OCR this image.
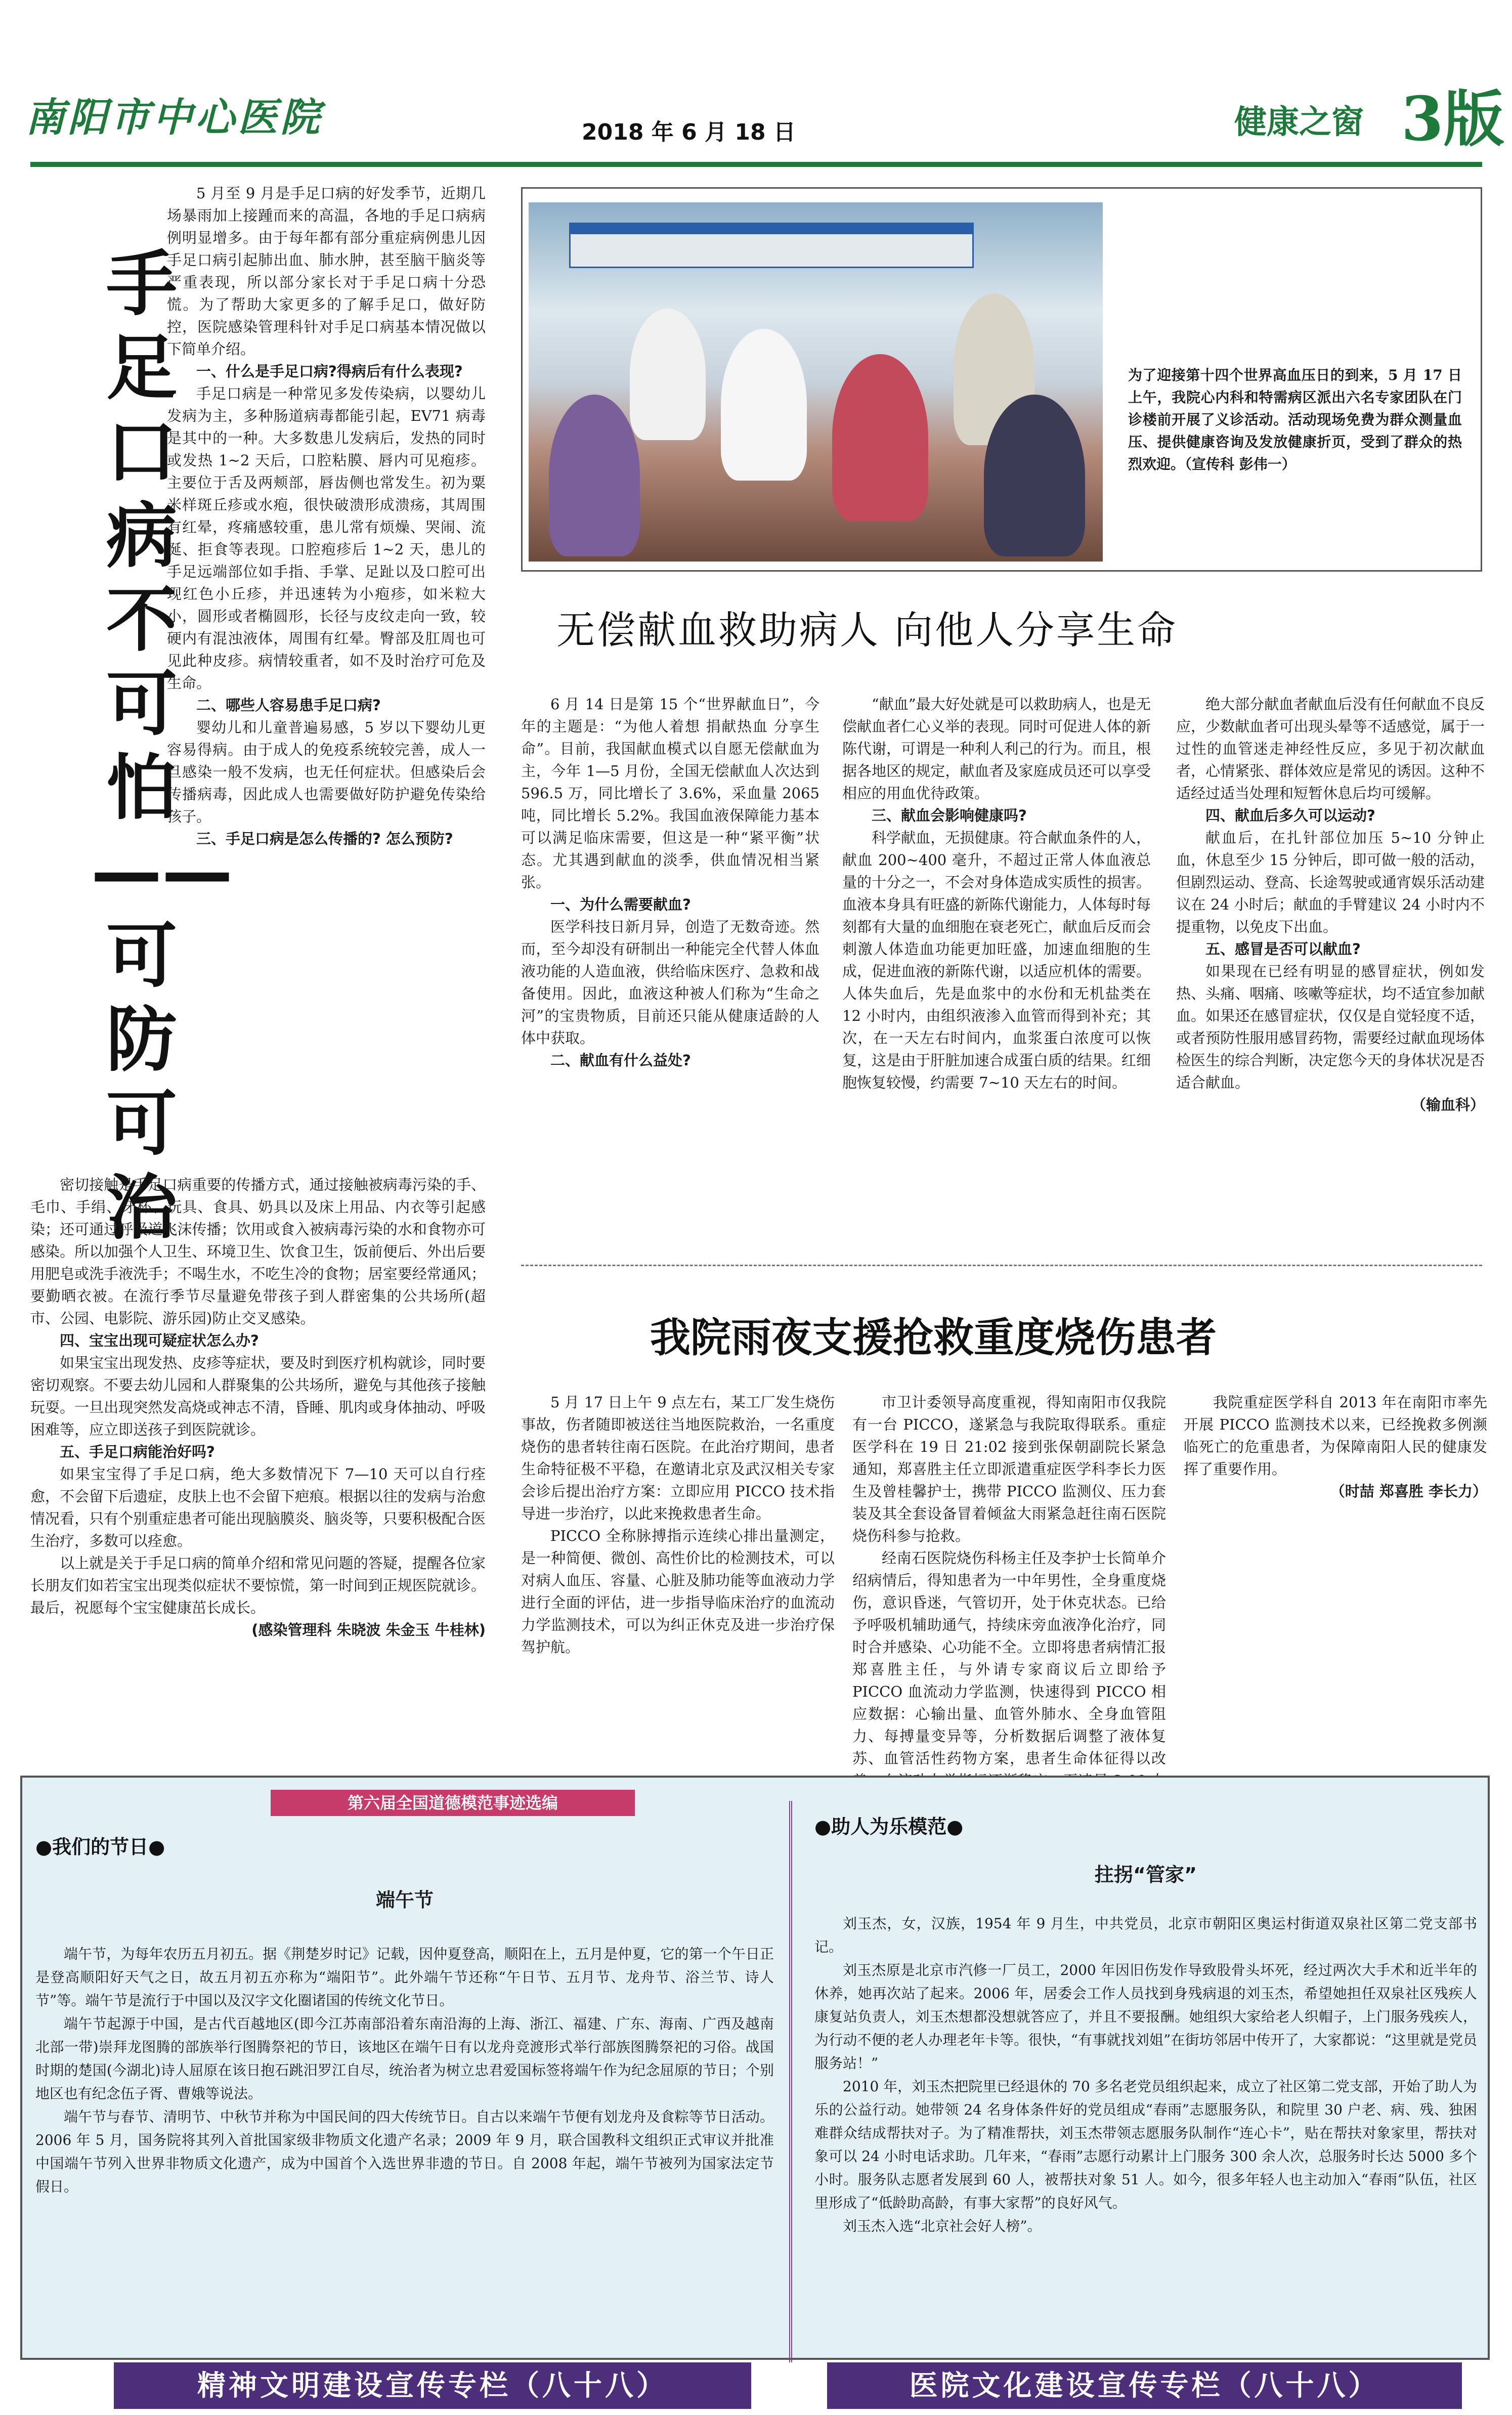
南阳市中心医院	2018 年 6 月 18 日	健康之窗 3版
手足口病不可怕——可防可治

5 月至 9 月是手足口病的好发季节，近期几场暴雨加上接踵而来的高温，各地的手足口病病例明显增多。由于每年都有部分重症病例患儿因手足口病引起肺出血、肺水肿，甚至脑干脑炎等严重表现，所以部分家长对于手足口病十分恐慌。为了帮助大家更多的了解手足口，做好防控，医院感染管理科针对手足口病基本情况做以下简单介绍。

一、什么是手足口病?得病后有什么表现?

手足口病是一种常见多发传染病，以婴幼儿发病为主，多种肠道病毒都能引起，EV71 病毒是其中的一种。大多数患儿发病后，发热的同时或发热 1~2 天后，口腔粘膜、唇内可见疱疹。主要位于舌及两颊部，唇齿侧也常发生。初为粟米样斑丘疹或水疱，很快破溃形成溃疡，其周围有红晕，疼痛感较重，患儿常有烦燥、哭闹、流涎、拒食等表现。口腔疱疹后 1~2 天，患儿的手足远端部位如手指、手掌、足趾以及口腔可出现红色小丘疹，并迅速转为小疱疹，如米粒大小，圆形或者椭圆形，长径与皮纹走向一致，较硬内有混浊液体，周围有红晕。臀部及肛周也可见此种皮疹。病情较重者，如不及时治疗可危及生命。

二、哪些人容易患手足口病?

婴幼儿和儿童普遍易感，5 岁以下婴幼儿更容易得病。由于成人的免疫系统较完善，成人一旦感染一般不发病，也无任何症状。但感染后会传播病毒，因此成人也需要做好防护避免传染给孩子。

三、手足口病是怎么传播的? 怎么预防?

密切接触是手足口病重要的传播方式，通过接触被病毒污染的手、毛巾、手绢、牙杯、玩具、食具、奶具以及床上用品、内衣等引起感染；还可通过呼吸道飞沫传播；饮用或食入被病毒污染的水和食物亦可感染。所以加强个人卫生、环境卫生、饮食卫生，饭前便后、外出后要用肥皂或洗手液洗手；不喝生水，不吃生冷的食物；居室要经常通风；要勤晒衣被。在流行季节尽量避免带孩子到人群密集的公共场所(超市、公园、电影院、游乐园)防止交叉感染。

四、宝宝出现可疑症状怎么办?

如果宝宝出现发热、皮疹等症状，要及时到医疗机构就诊，同时要密切观察。不要去幼儿园和人群聚集的公共场所，避免与其他孩子接触玩耍。一旦出现突然发高烧或神志不清，昏睡、肌肉或身体抽动、呼吸困难等，应立即送孩子到医院就诊。

五、手足口病能治好吗?

如果宝宝得了手足口病，绝大多数情况下 7—10 天可以自行痊愈，不会留下后遗症，皮肤上也不会留下疤痕。根据以往的发病与治愈情况看，只有个别重症患者可能出现脑膜炎、脑炎等，只要积极配合医生治疗，多数可以痊愈。

以上就是关于手足口病的简单介绍和常见问题的答疑，提醒各位家长朋友们如若宝宝出现类似症状不要惊慌，第一时间到正规医院就诊。最后，祝愿每个宝宝健康茁长成长。

(感染管理科 朱晓波 朱金玉 牛桂林)
为了迎接第十四个世界高血压日的到来，5 月 17 日上午，我院心内科和特需病区派出六名专家团队在门诊楼前开展了义诊活动。活动现场免费为群众测量血压、提供健康咨询及发放健康折页，受到了群众的热烈欢迎。（宣传科 彭伟一）
无偿献血救助病人 向他人分享生命

6 月 14 日是第 15 个“世界献血日”，今年的主题是：“为他人着想 捐献热血 分享生命”。目前，我国献血模式以自愿无偿献血为主，今年 1—5 月份，全国无偿献血人次达到 596.5 万，同比增长了 3.6%，采血量 2065 吨，同比增长 5.2%。我国血液保障能力基本可以满足临床需要，但这是一种“紧平衡”状态。尤其遇到献血的淡季，供血情况相当紧张。

一、为什么需要献血?

医学科技日新月异，创造了无数奇迹。然而，至今却没有研制出一种能完全代替人体血液功能的人造血液，供给临床医疗、急救和战备使用。因此，血液这种被人们称为“生命之河”的宝贵物质，目前还只能从健康适龄的人体中获取。

二、献血有什么益处?

“献血”最大好处就是可以救助病人，也是无偿献血者仁心义举的表现。同时可促进人体的新陈代谢，可谓是一种利人利己的行为。而且，根据各地区的规定，献血者及家庭成员还可以享受相应的用血优待政策。

三、献血会影响健康吗?

科学献血，无损健康。符合献血条件的人，献血 200~400 毫升，不超过正常人体血液总量的十分之一，不会对身体造成实质性的损害。血液本身具有旺盛的新陈代谢能力，人体每时每刻都有大量的血细胞在衰老死亡，献血后反而会刺激人体造血功能更加旺盛，加速血细胞的生成，促进血液的新陈代谢，以适应机体的需要。人体失血后，先是血浆中的水份和无机盐类在 12 小时内，由组织液渗入血管而得到补充；其次，在一天左右时间内，血浆蛋白浓度可以恢复，这是由于肝脏加速合成蛋白质的结果。红细胞恢复较慢，约需要 7~10 天左右的时间。

绝大部分献血者献血后没有任何献血不良反应，少数献血者可出现头晕等不适感觉，属于一过性的血管迷走神经性反应，多见于初次献血者，心情紧张、群体效应是常见的诱因。这种不适经过适当处理和短暂休息后均可缓解。

四、献血后多久可以运动?

献血后，在扎针部位加压 5~10 分钟止血，休息至少 15 分钟后，即可做一般的活动，但剧烈运动、登高、长途驾驶或通宵娱乐活动建议在 24 小时后；献血的手臂建议 24 小时内不提重物，以免皮下出血。

五、感冒是否可以献血?

如果现在已经有明显的感冒症状，例如发热、头痛、咽痛、咳嗽等症状，均不适宜参加献血。如果还在感冒症状，仅仅是自觉轻度不适，或者预防性服用感冒药物，需要经过献血现场体检医生的综合判断，决定您今天的身体状况是否适合献血。

（输血科）
我院雨夜支援抢救重度烧伤患者

5 月 17 日上午 9 点左右，某工厂发生烧伤事故，伤者随即被送往当地医院救治，一名重度烧伤的患者转往南石医院。在此治疗期间，患者生命特征极不平稳，在邀请北京及武汉相关专家会诊后提出治疗方案：立即应用 PICCO 技术指导进一步治疗，以此来挽救患者生命。

PICCO 全称脉搏指示连续心排出量测定，是一种简便、微创、高性价比的检测技术，可以对病人血压、容量、心脏及肺功能等血液动力学进行全面的评估，进一步指导临床治疗的血流动力学监测技术，可以为纠正休克及进一步治疗保驾护航。

市卫计委领导高度重视，得知南阳市仅我院有一台 PICCO，遂紧急与我院取得联系。重症医学科在 19 日 21:02 接到张保朝副院长紧急通知，郑喜胜主任立即派遣重症医学科李长力医生及曾桂馨护士，携带 PICCO 监测仪、压力套装及其全套设备冒着倾盆大雨紧急赶往南石医院烧伤科参与抢救。

经南石医院烧伤科杨主任及李护士长简单介绍病情后，得知患者为一中年男性，全身重度烧伤，意识昏迷，气管切开，处于休克状态。已给予呼吸机辅助通气，持续床旁血液净化治疗，同时合并感染、心功能不全。立即将患者病情汇报郑喜胜主任，与外请专家商议后立即给予 PICCO 血流动力学监测，快速得到 PICCO 相应数据：心输出量、血管外肺水、全身血管阻力、每搏量变异等，分析数据后调整了液体复苏、血管活性药物方案，患者生命体征得以改

我院重症医学科自 2013 年在南阳市率先开展 PICCO 监测技术以来，已经挽救多例濒临死亡的危重患者，为保障南阳人民的健康发挥了重要作用。

（时喆 郑喜胜 李长力）
第六届全国道德模范事迹选编
●我们的节日●
端午节

端午节，为每年农历五月初五。据《荆楚岁时记》记载，因仲夏登高，顺阳在上，五月是仲夏，它的第一个午日正是登高顺阳好天气之日，故五月初五亦称为“端阳节”。此外端午节还称“午日节、五月节、龙舟节、浴兰节、诗人节”等。端午节是流行于中国以及汉字文化圈诸国的传统文化节日。

端午节起源于中国，是古代百越地区(即今江苏南部沿着东南沿海的上海、浙江、福建、广东、海南、广西及越南北部一带)崇拜龙图腾的部族举行图腾祭祀的节日，该地区在端午日有以龙舟竞渡形式举行部族图腾祭祀的习俗。战国时期的楚国(今湖北)诗人屈原在该日抱石跳汨罗江自尽，统治者为树立忠君爱国标签将端午作为纪念屈原的节日；个别地区也有纪念伍子胥、曹娥等说法。

端午节与春节、清明节、中秋节并称为中国民间的四大传统节日。自古以来端午节便有划龙舟及食粽等节日活动。2006 年 5 月，国务院将其列入首批国家级非物质文化遗产名录；2009 年 9 月，联合国教科文组织正式审议并批准中国端午节列入世界非物质文化遗产，成为中国首个入选世界非遗的节日。自 2008 年起，端午节被列为国家法定节假日。

●助人为乐模范●
拄拐“管家”

刘玉杰，女，汉族，1954 年 9 月生，中共党员，北京市朝阳区奥运村街道双泉社区第二党支部书记。

刘玉杰原是北京市汽修一厂员工，2000 年因旧伤发作导致股骨头坏死，经过两次大手术和近半年的休养，她再次站了起来。2006 年，居委会工作人员找到身残病退的刘玉杰，希望她担任双泉社区残疾人康复站负责人，刘玉杰想都没想就答应了，并且不要报酬。她组织大家给老人织帽子，上门服务残疾人，为行动不便的老人办理老年卡等。很快，“有事就找刘姐”在街坊邻居中传开了，大家都说：“这里就是党员服务站！”

2010 年，刘玉杰把院里已经退休的 70 多名老党员组织起来，成立了社区第二党支部，开始了助人为乐的公益行动。她带领 24 名身体条件好的党员组成“春雨”志愿服务队，和院里 30 户老、病、残、独困难群众结成帮扶对子。为了精准帮扶，刘玉杰带领志愿服务队制作“连心卡”，贴在帮扶对象家里，帮扶对象可以 24 小时电话求助。几年来，“春雨”志愿行动累计上门服务 300 余人次，总服务时长达 5000 多个小时。服务队志愿者发展到 60 人，被帮扶对象 51 人。如今，很多年轻人也主动加入“春雨”队伍，社区里形成了“低龄助高龄，有事大家帮”的良好风气。

刘玉杰入选“北京社会好人榜”。

精神文明建设宣传专栏（八十八）	医院文化建设宣传专栏（八十八）
